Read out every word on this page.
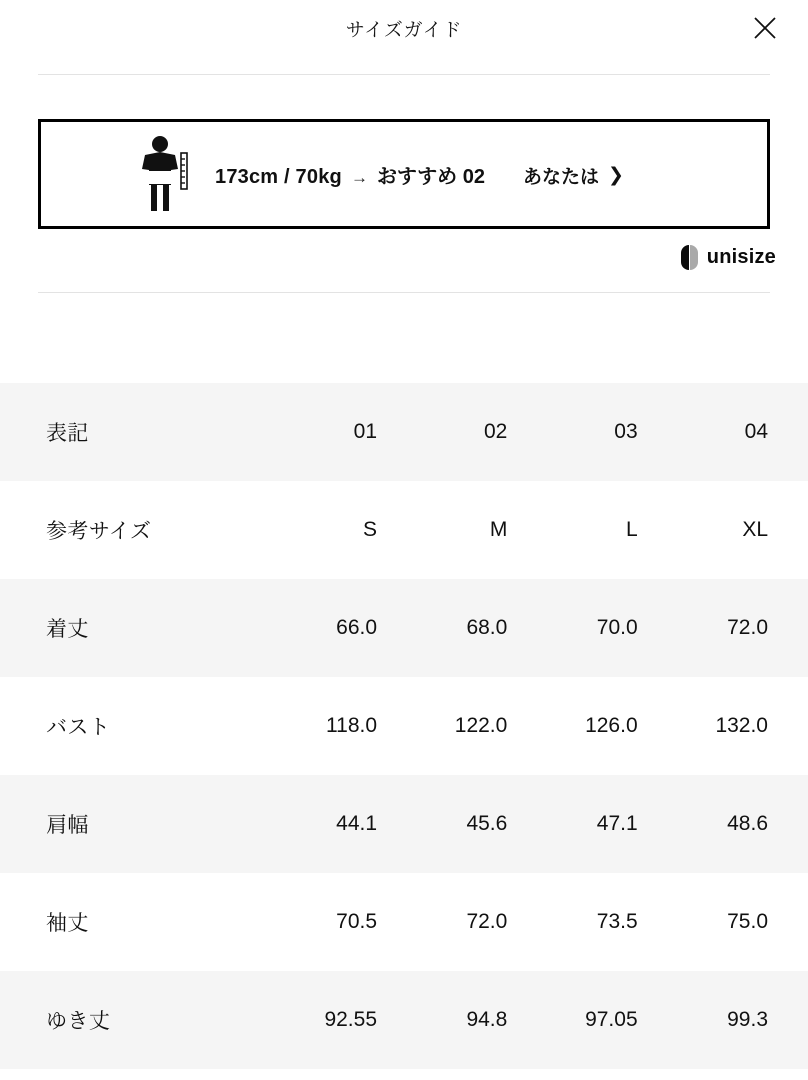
サイズガイド
173cm / 70kg → おすすめ 02 あなたは ❯
unisize
表記	01	02	03	04
参考サイズ	S	M	L	XL
着丈	66.0	68.0	70.0	72.0
バスト	118.0	122.0	126.0	132.0
肩幅	44.1	45.6	47.1	48.6
袖丈	70.5	72.0	73.5	75.0
ゆき丈	92.55	94.8	97.05	99.3
